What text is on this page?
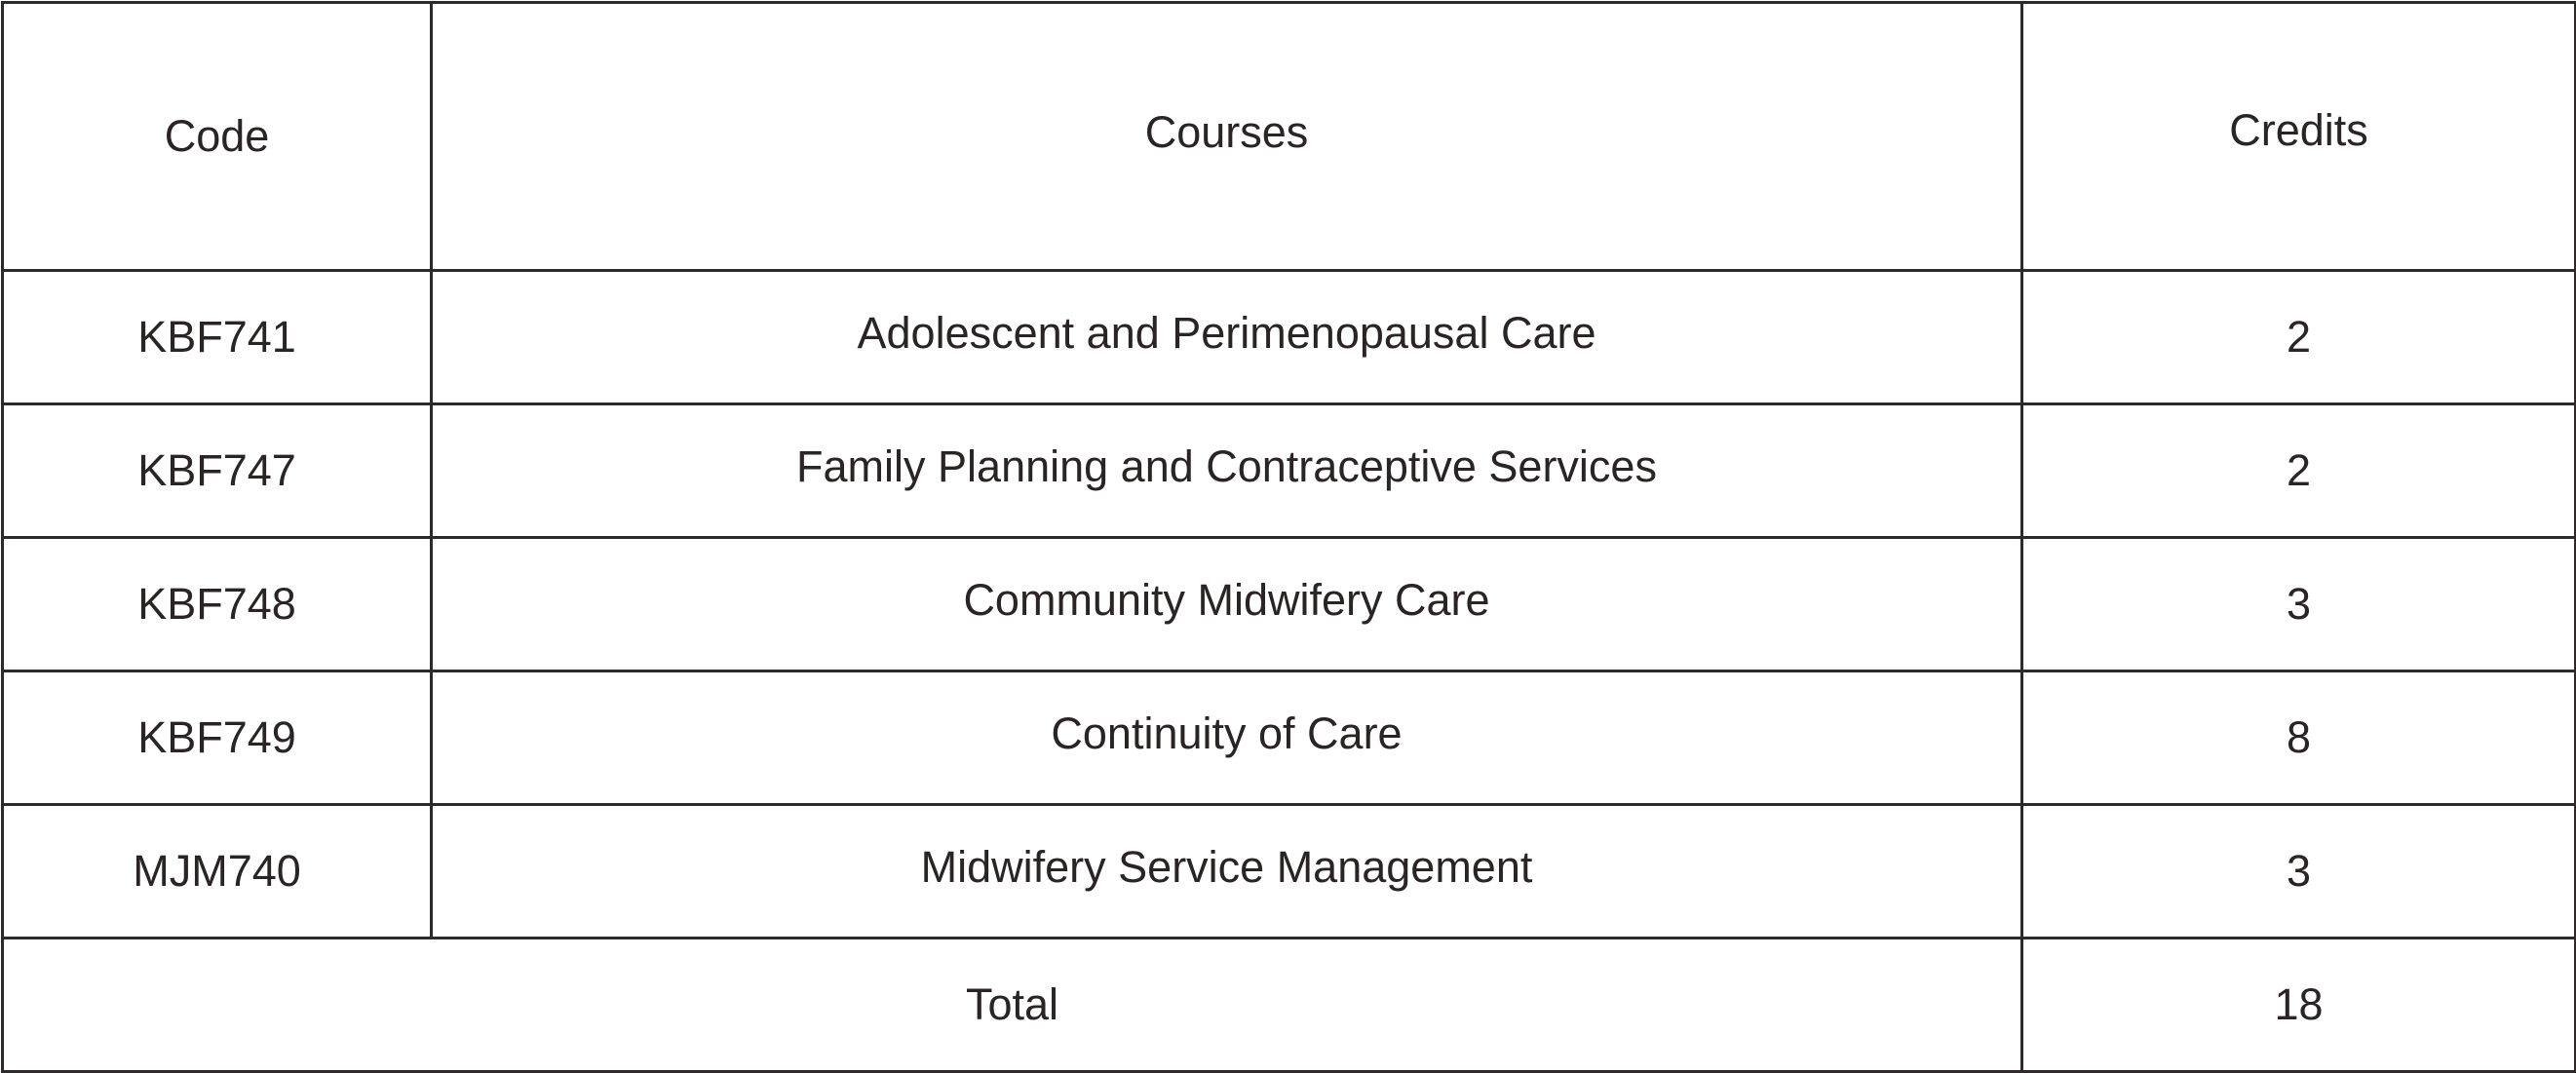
Code	Courses	Credits
KBF741	Adolescent and Perimenopausal Care	2
KBF747	Family Planning and Contraceptive Services	2
KBF748	Community Midwifery Care	3
KBF749	Continuity of Care	8
MJM740	Midwifery Service Management	3
Total		18
